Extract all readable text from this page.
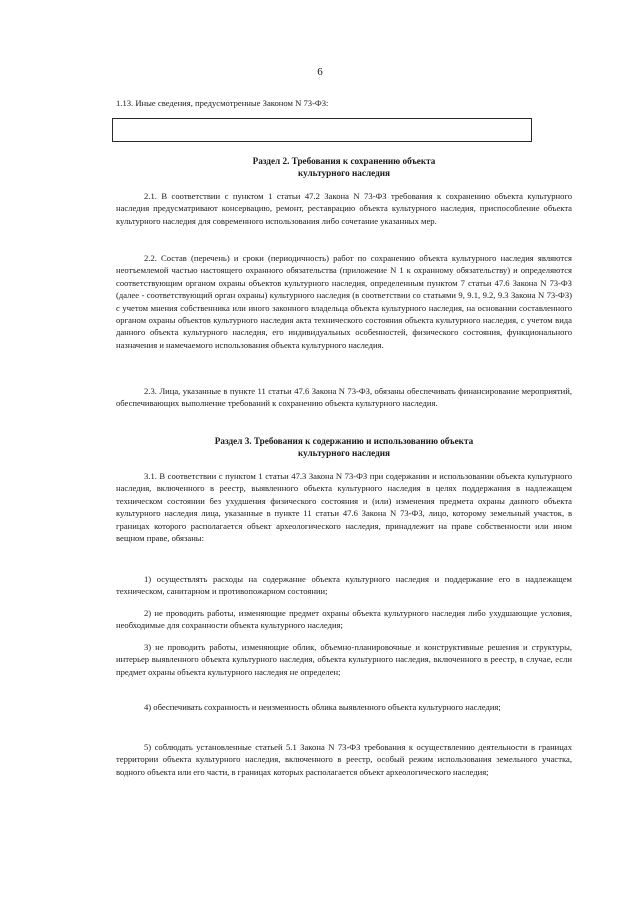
6

1.13. Иные сведения, предусмотренные Законом N 73-ФЗ:

Раздел 2. Требования к сохранению объекта
культурного наследия

2.1. В соответствии с пунктом 1 статьи 47.2 Закона N 73-ФЗ требования к сохранению объекта культурного наследия предусматривают консервацию, ремонт, реставрацию объекта культурного наследия, приспособление объекта культурного наследия для современного использования либо сочетание указанных мер.

2.2. Состав (перечень) и сроки (периодичность) работ по сохранению объекта культурного наследия являются неотъемлемой частью настоящего охранного обязательства (приложение N 1 к охранному обязательству) и определяются соответствующим органом охраны объектов культурного наследия, определенным пунктом 7 статьи 47.6 Закона N 73-ФЗ (далее - соответствующий орган охраны) культурного наследия (в соответствии со статьями 9, 9.1, 9.2, 9.3 Закона N 73-ФЗ) с учетом мнения собственника или иного законного владельца объекта культурного наследия, на основании составленного органом охраны объектов культурного наследия акта технического состояния объекта культурного наследия, с учетом вида данного объекта культурного наследия, его индивидуальных особенностей, физического состояния, функционального назначения и намечаемого использования объекта культурного наследия.

2.3. Лица, указанные в пункте 11 статьи 47.6 Закона N 73-ФЗ, обязаны обеспечивать финансирование мероприятий, обеспечивающих выполнение требований к сохранению объекта культурного наследия.

Раздел 3. Требования к содержанию и использованию объекта
культурного наследия

3.1. В соответствии с пунктом 1 статьи 47.3 Закона N 73-ФЗ при содержании и использовании объекта культурного наследия, включенного в реестр, выявленного объекта культурного наследия в целях поддержания в надлежащем техническом состоянии без ухудшения физического состояния и (или) изменения предмета охраны данного объекта культурного наследия лица, указанные в пункте 11 статьи 47.6 Закона N 73-ФЗ, лицо, которому земельный участок, в границах которого располагается объект археологического наследия, принадлежит на праве собственности или ином вещном праве, обязаны:

1) осуществлять расходы на содержание объекта культурного наследия и поддержание его в надлежащем техническом, санитарном и противопожарном состоянии;

2) не проводить работы, изменяющие предмет охраны объекта культурного наследия либо ухудшающие условия, необходимые для сохранности объекта культурного наследия;

3) не проводить работы, изменяющие облик, объемно-планировочные и конструктивные решения и структуры, интерьер выявленного объекта культурного наследия, объекта культурного наследия, включенного в реестр, в случае, если предмет охраны объекта культурного наследия не определен;

4) обеспечивать сохранность и неизменность облика выявленного объекта культурного наследия;

5) соблюдать установленные статьей 5.1 Закона N 73-ФЗ требования к осуществлению деятельности в границах территории объекта культурного наследия, включенного в реестр, особый режим использования земельного участка, водного объекта или его части, в границах которых располагается объект археологического наследия;
